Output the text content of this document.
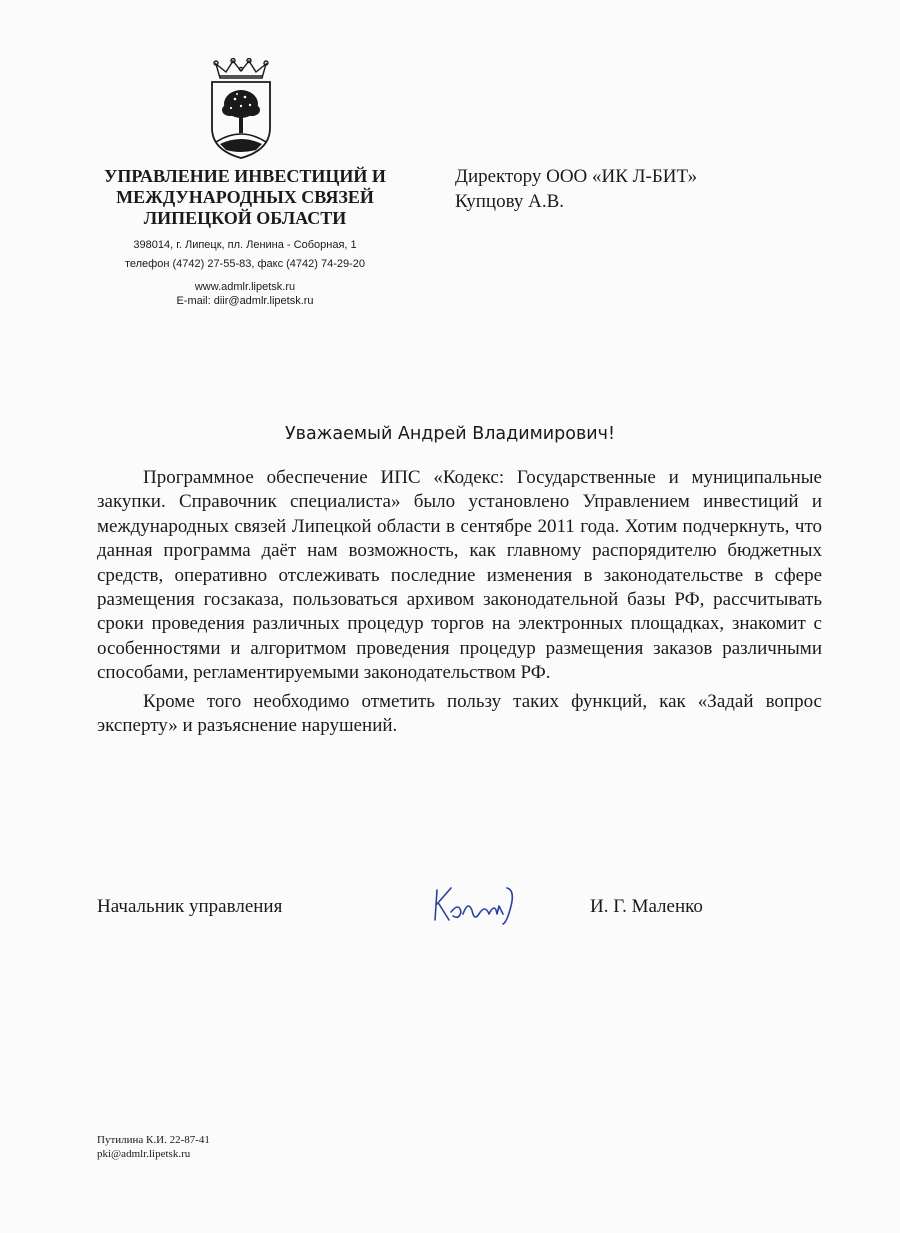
УПРАВЛЕНИЕ ИНВЕСТИЦИЙ И
МЕЖДУНАРОДНЫХ СВЯЗЕЙ
ЛИПЕЦКОЙ ОБЛАСТИ
398014, г. Липецк, пл. Ленина - Соборная, 1
телефон (4742) 27-55-83, факс (4742) 74-29-20
www.admlr.lipetsk.ru
E-mail: diir@admlr.lipetsk.ru
Директору ООО «ИК Л-БИТ»
Купцову А.В.
Уважаемый Андрей Владимирович!

Программное обеспечение ИПС «Кодекс: Государственные и муниципальные закупки. Справочник специалиста» было установлено Управлением инвестиций и международных связей Липецкой области в сентябре 2011 года. Хотим подчеркнуть, что данная программа даёт нам возможность, как главному распорядителю бюджетных средств, оперативно отслеживать последние изменения в законодательстве в сфере размещения госзаказа, пользоваться архивом законодательной базы РФ, рассчитывать сроки проведения различных процедур торгов на электронных площадках, знакомит с особенностями и алгоритмом проведения процедур размещения заказов различными способами, регламентируемыми законодательством РФ.

Кроме того необходимо отметить пользу таких функций, как «Задай вопрос эксперту» и разъяснение нарушений.

Начальник управления	И. Г. Маленко
Путилина К.И. 22-87-41
pki@admlr.lipetsk.ru
